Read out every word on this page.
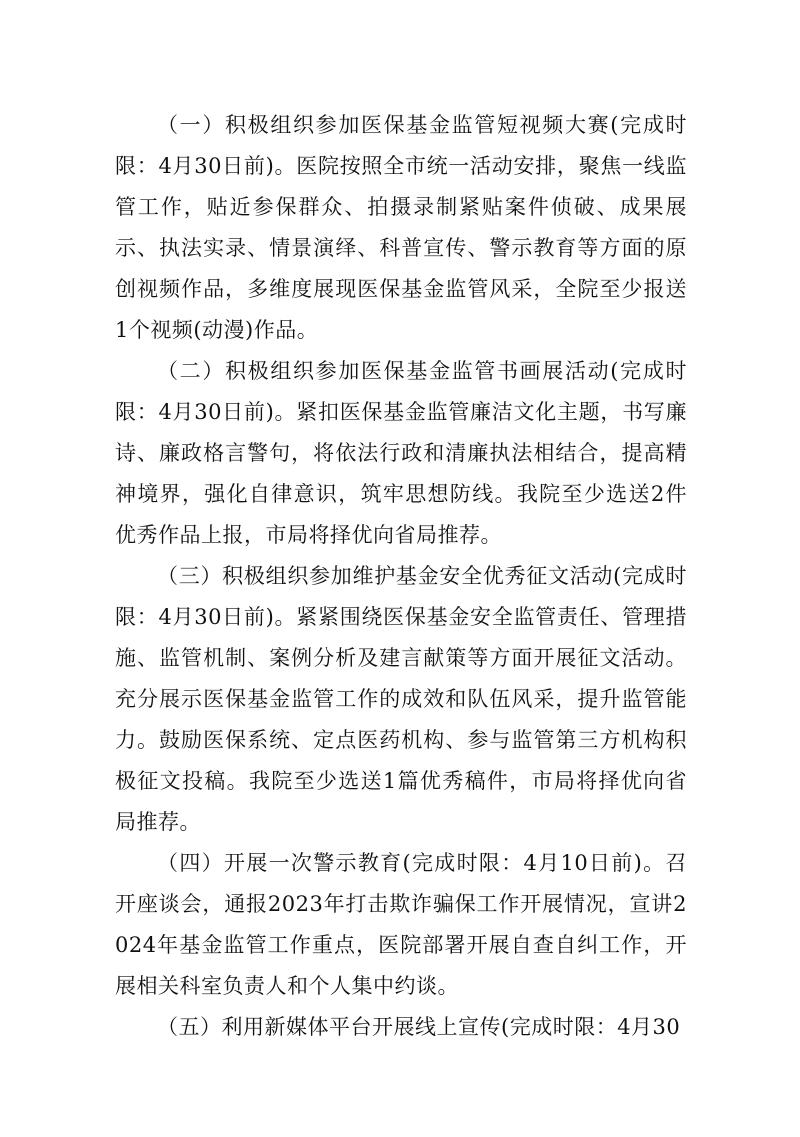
（一）积极组织参加医保基金监管短视频大赛(完成时限：4月30日前)。医院按照全市统一活动安排，聚焦一线监管工作，贴近参保群众、拍摄录制紧贴案件侦破、成果展示、执法实录、情景演绎、科普宣传、警示教育等方面的原创视频作品，多维度展现医保基金监管风采，全院至少报送1个视频(动漫)作品。

（二）积极组织参加医保基金监管书画展活动(完成时限：4月30日前)。紧扣医保基金监管廉洁文化主题，书写廉诗、廉政格言警句，将依法行政和清廉执法相结合，提高精神境界，强化自律意识，筑牢思想防线。我院至少选送2件优秀作品上报，市局将择优向省局推荐。

（三）积极组织参加维护基金安全优秀征文活动(完成时限：4月30日前)。紧紧围绕医保基金安全监管责任、管理措施、监管机制、案例分析及建言献策等方面开展征文活动。充分展示医保基金监管工作的成效和队伍风采，提升监管能力。鼓励医保系统、定点医药机构、参与监管第三方机构积极征文投稿。我院至少选送1篇优秀稿件，市局将择优向省局推荐。

（四）开展一次警示教育(完成时限：4月10日前)。召开座谈会，通报2023年打击欺诈骗保工作开展情况，宣讲2024年基金监管工作重点，医院部署开展自查自纠工作，开展相关科室负责人和个人集中约谈。

（五）利用新媒体平台开展线上宣传(完成时限：4月30
